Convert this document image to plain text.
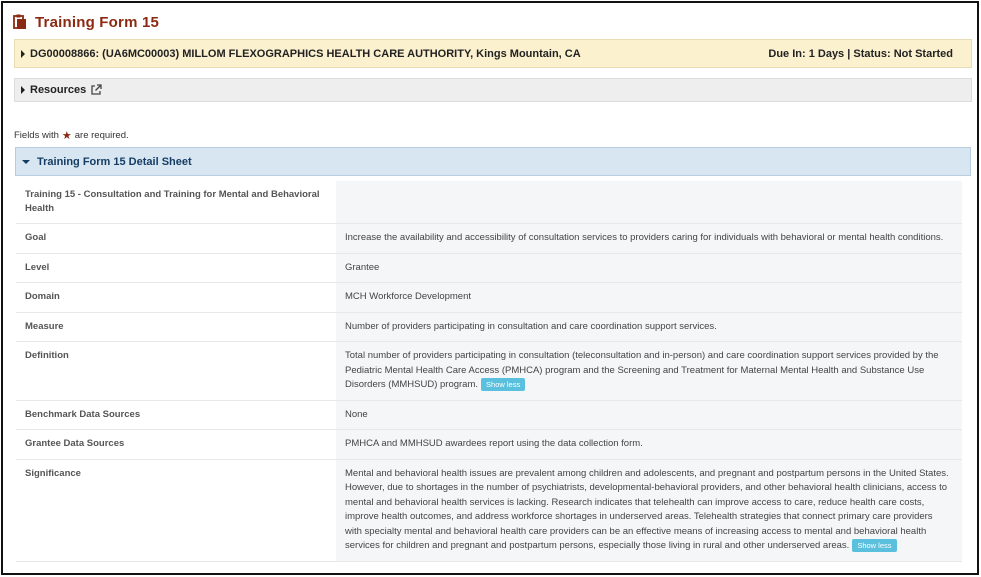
Training Form 15
DG00008866: (UA6MC00003) MILLOM FLEXOGRAPHICS HEALTH CARE AUTHORITY, Kings Mountain, CA	Due In: 1 Days | Status: Not Started
Resources
Fields with ★ are required.
Training Form 15 Detail Sheet
Training 15 - Consultation and Training for Mental and Behavioral Health
Goal	Increase the availability and accessibility of consultation services to providers caring for individuals with behavioral or mental health conditions.
Level	Grantee
Domain	MCH Workforce Development
Measure	Number of providers participating in consultation and care coordination support services.
Definition	Total number of providers participating in consultation (teleconsultation and in-person) and care coordination support services provided by the Pediatric Mental Health Care Access (PMHCA) program and the Screening and Treatment for Maternal Mental Health and Substance Use Disorders (MMHSUD) program. Show less
Benchmark Data Sources	None
Grantee Data Sources	PMHCA and MMHSUD awardees report using the data collection form.
Significance	Mental and behavioral health issues are prevalent among children and adolescents, and pregnant and postpartum persons in the United States. However, due to shortages in the number of psychiatrists, developmental-behavioral providers, and other behavioral health clinicians, access to mental and behavioral health services is lacking. Research indicates that telehealth can improve access to care, reduce health care costs, improve health outcomes, and address workforce shortages in underserved areas. Telehealth strategies that connect primary care providers with specialty mental and behavioral health care providers can be an effective means of increasing access to mental and behavioral health services for children and pregnant and postpartum persons, especially those living in rural and other underserved areas. Show less
